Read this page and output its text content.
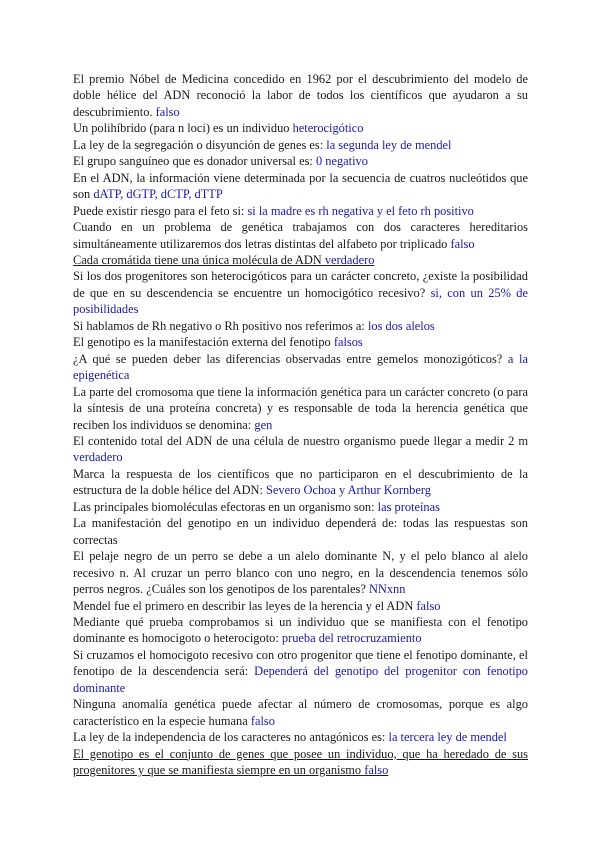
El premio Nóbel de Medicina concedido en 1962 por el descubrimiento del modelo de doble hélice del ADN reconoció la labor de todos los científicos que ayudaron a su descubrimiento. falso

Un polihíbrido (para n loci) es un individuo heterocigótico

La ley de la segregación o disyunción de genes es: la segunda ley de mendel

El grupo sanguíneo que es donador universal es: 0 negativo

En el ADN, la información viene determinada por la secuencia de cuatros nucleótidos que son dATP, dGTP, dCTP, dTTP

Puede existir riesgo para el feto si: si la madre es rh negativa y el feto rh positivo

Cuando en un problema de genética trabajamos con dos caracteres hereditarios simultáneamente utilizaremos dos letras distintas del alfabeto por triplicado falso

Cada cromátida tiene una única molécula de ADN verdadero

Si los dos progenitores son heterocigóticos para un carácter concreto, ¿existe la posibilidad de que en su descendencia se encuentre un homocigótico recesivo? si, con un 25% de posibilidades

Si hablamos de Rh negativo o Rh positivo nos referimos a: los dos alelos

El genotipo es la manifestación externa del fenotipo falsos

¿A qué se pueden deber las diferencias observadas entre gemelos monozigóticos? a la epigenética

La parte del cromosoma que tiene la información genética para un carácter concreto (o para la síntesis de una proteína concreta) y es responsable de toda la herencia genética que reciben los individuos se denomina: gen

El contenido total del ADN de una célula de nuestro organismo puede llegar a medir 2 m verdadero

Marca la respuesta de los científicos que no participaron en el descubrimiento de la estructura de la doble hélice del ADN: Severo Ochoa y Arthur Kornberg

Las principales biomoléculas efectoras en un organismo son: las proteínas

La manifestación del genotipo en un individuo dependerá de: todas las respuestas son correctas

El pelaje negro de un perro se debe a un alelo dominante N, y el pelo blanco al alelo recesivo n. Al cruzar un perro blanco con uno negro, en la descendencia tenemos sólo perros negros. ¿Cuáles son los genotipos de los parentales? NNxnn

Mendel fue el primero en describir las leyes de la herencia y el ADN falso

Mediante qué prueba comprobamos si un individuo que se manifiesta con el fenotipo dominante es homocigoto o heterocigoto: prueba del retrocruzamiento

Si cruzamos el homocigoto recesivo con otro progenitor que tiene el fenotipo dominante, el fenotipo de la descendencia será: Dependerá del genotipo del progenitor con fenotipo dominante

Ninguna anomalía genética puede afectar al número de cromosomas, porque es algo característico en la especie humana falso

La ley de la independencia de los caracteres no antagónicos es: la tercera ley de mendel

El genotipo es el conjunto de genes que posee un individuo, que ha heredado de sus progenitores y que se manifiesta siempre en un organismo falso
